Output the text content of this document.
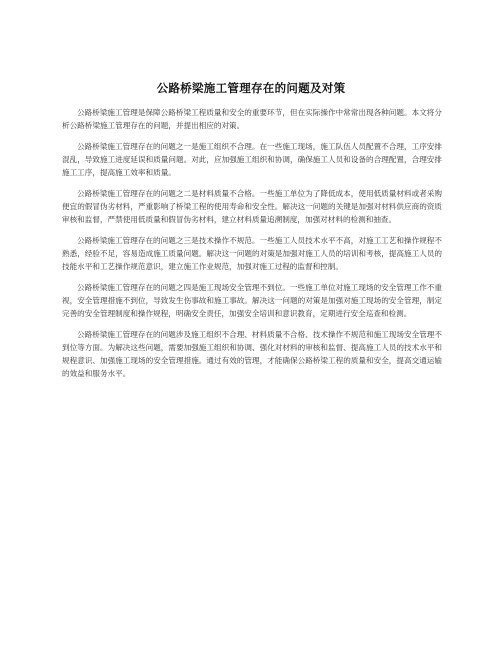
公路桥梁施工管理存在的问题及对策

公路桥梁施工管理是保障公路桥梁工程质量和安全的重要环节，但在实际操作中常常出现各种问题。本文将分析公路桥梁施工管理存在的问题，并提出相应的对策。

公路桥梁施工管理存在的问题之一是施工组织不合理。在一些施工现场，施工队伍人员配置不合理，工序安排混乱，导致施工进度延误和质量问题。对此，应加强施工组织和协调，确保施工人员和设备的合理配置，合理安排施工工序，提高施工效率和质量。

公路桥梁施工管理存在的问题之二是材料质量不合格。一些施工单位为了降低成本，使用低质量材料或者采购便宜的假冒伪劣材料，严重影响了桥梁工程的使用寿命和安全性。解决这一问题的关键是加强对材料供应商的资质审核和监督，严禁使用低质量和假冒伪劣材料，建立材料质量追溯制度，加强对材料的检测和抽查。

公路桥梁施工管理存在的问题之三是技术操作不规范。一些施工人员技术水平不高，对施工工艺和操作规程不熟悉，经验不足，容易造成施工质量问题。解决这一问题的对策是加强对施工人员的培训和考核，提高施工人员的技能水平和工艺操作规范意识，建立施工作业规范，加强对施工过程的监督和控制。

公路桥梁施工管理存在的问题之四是施工现场安全管理不到位。一些施工单位对施工现场的安全管理工作不重视，安全管理措施不到位，导致发生伤事故和施工事故。解决这一问题的对策是加强对施工现场的安全管理，制定完善的安全管理制度和操作规程，明确安全责任，加强安全培训和意识教育，定期进行安全巡查和检测。

公路桥梁施工管理存在的问题涉及施工组织不合理、材料质量不合格、技术操作不规范和施工现场安全管理不到位等方面。为解决这些问题，需要加强施工组织和协调、强化对材料的审核和监督、提高施工人员的技术水平和规程意识、加强施工现场的安全管理措施。通过有效的管理，才能确保公路桥梁工程的质量和安全，提高交通运输的效益和服务水平。
